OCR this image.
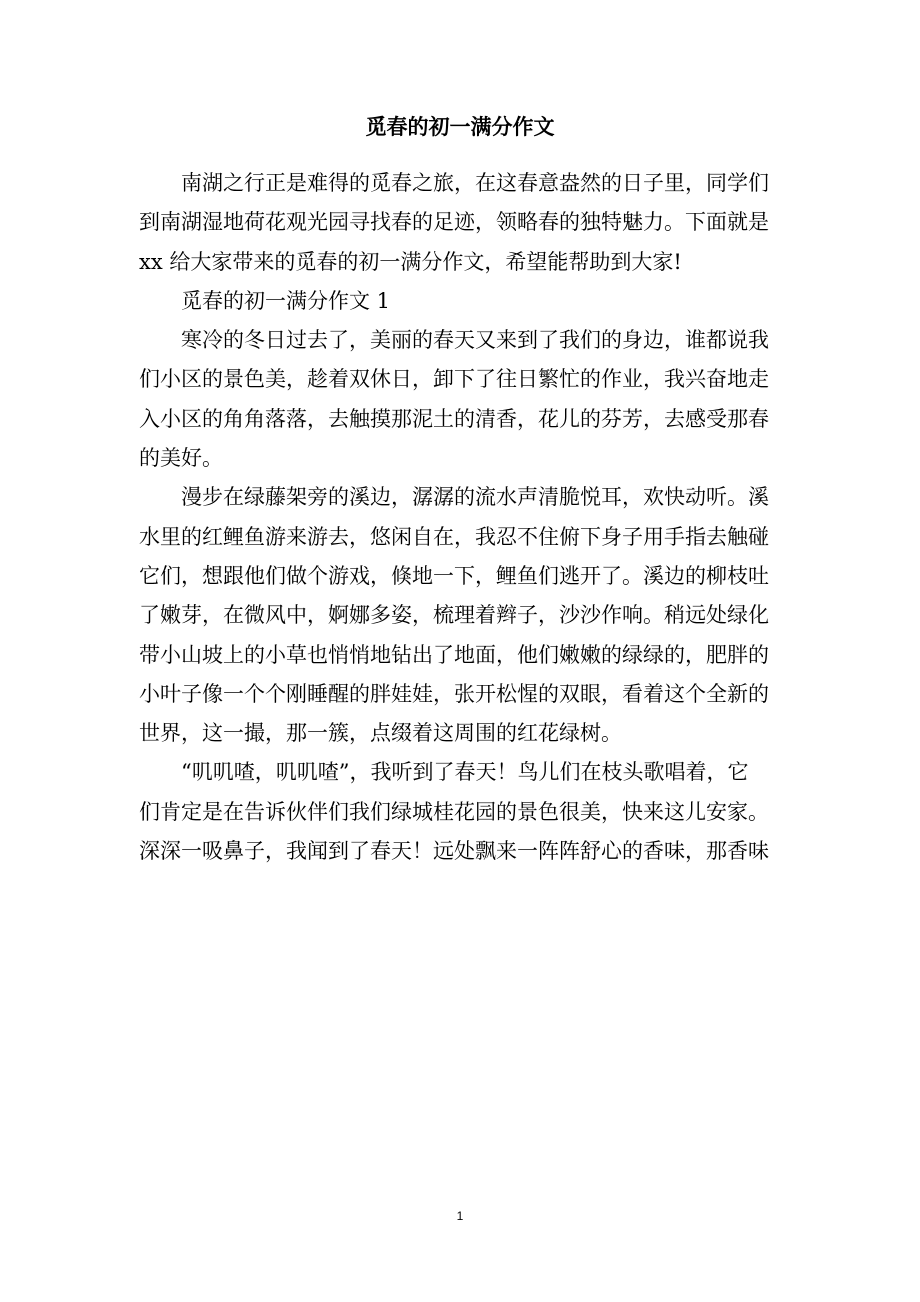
觅春的初一满分作文
南湖之行正是难得的觅春之旅，在这春意盎然的日子里，同学们
到南湖湿地荷花观光园寻找春的足迹，领略春的独特魅力。下面就是
xx 给大家带来的觅春的初一满分作文，希望能帮助到大家!
觅春的初一满分作文 1
寒冷的冬日过去了，美丽的春天又来到了我们的身边，谁都说我
们小区的景色美，趁着双休日，卸下了往日繁忙的作业，我兴奋地走
入小区的角角落落，去触摸那泥土的清香，花儿的芬芳，去感受那春
的美好。
漫步在绿藤架旁的溪边，潺潺的流水声清脆悦耳，欢快动听。溪
水里的红鲤鱼游来游去，悠闲自在，我忍不住俯下身子用手指去触碰
它们，想跟他们做个游戏，倏地一下，鲤鱼们逃开了。溪边的柳枝吐
了嫩芽，在微风中，婀娜多姿，梳理着辫子，沙沙作响。稍远处绿化
带小山坡上的小草也悄悄地钻出了地面，他们嫩嫩的绿绿的，肥胖的
小叶子像一个个刚睡醒的胖娃娃，张开松惺的双眼，看着这个全新的
世界，这一撮，那一簇，点缀着这周围的红花绿树。
“叽叽喳，叽叽喳”，我听到了春天！鸟儿们在枝头歌唱着，它
们肯定是在告诉伙伴们我们绿城桂花园的景色很美，快来这儿安家。
深深一吸鼻子，我闻到了春天！远处飘来一阵阵舒心的香味，那香味
1
